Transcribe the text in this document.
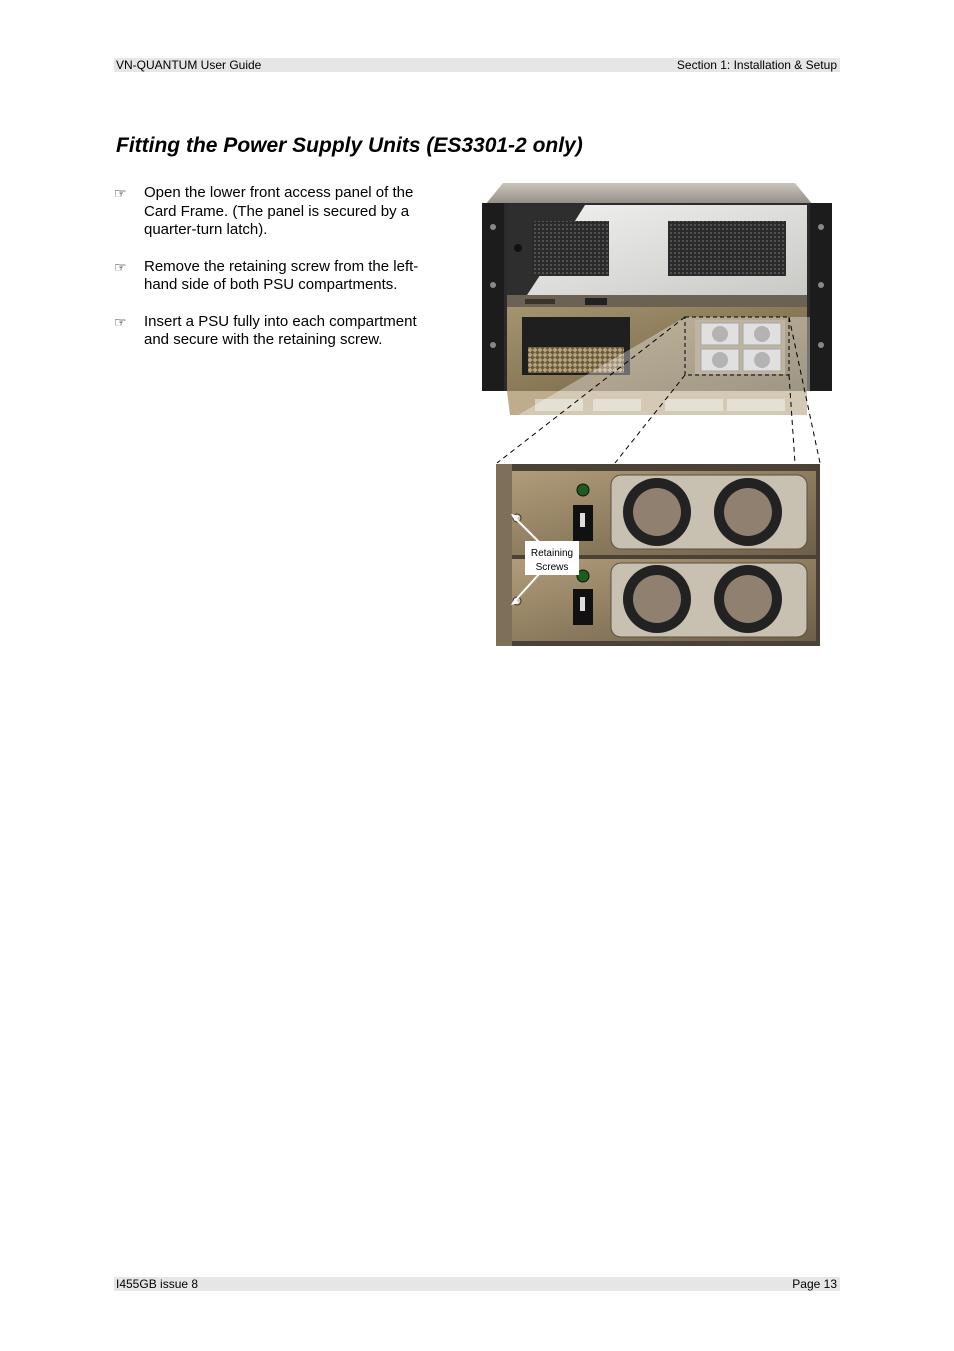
VN-QUANTUM User Guide	Section 1: Installation & Setup
Fitting the Power Supply Units (ES3301-2 only)
☞	Open the lower front access panel of the Card Frame. (The panel is secured by a quarter-turn latch).
☞	Remove the retaining screw from the left-hand side of both PSU compartments.
☞	Insert a PSU fully into each compartment and secure with the retaining screw.
Retaining
Screws
I455GB issue 8	Page 13
